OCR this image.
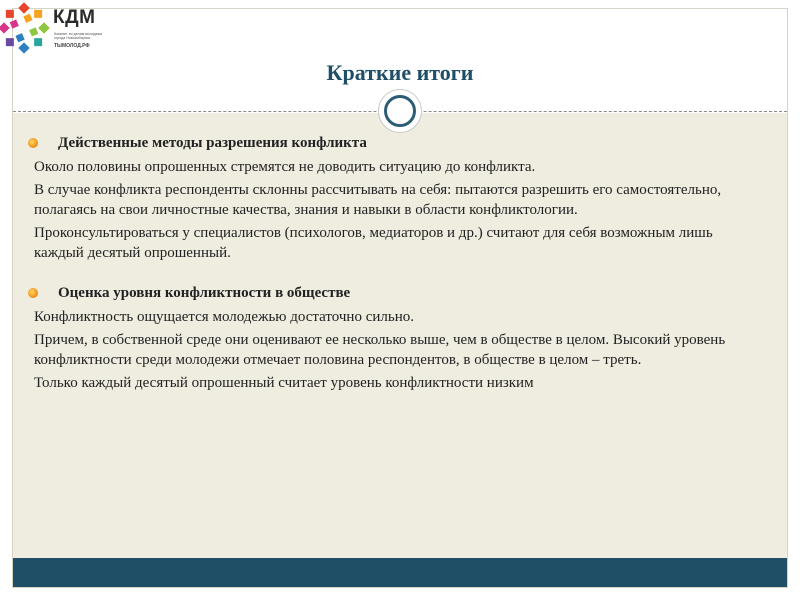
КДМ
Комитет по делам молодежи города Новосибирска
ТЫМОЛОД.РФ
Краткие итоги
Действенные методы разрешения конфликта

Около половины опрошенных стремятся не доводить ситуацию до конфликта.

В случае конфликта респонденты склонны рассчитывать на себя: пытаются разрешить его самостоятельно, полагаясь на свои личностные качества, знания и навыки в области конфликтологии.

Проконсультироваться у специалистов (психологов, медиаторов и др.) считают для себя возможным лишь каждый десятый опрошенный.

Оценка уровня конфликтности в обществе

Конфликтность ощущается молодежью достаточно сильно.

Причем, в собственной среде они оценивают ее несколько выше, чем в обществе в целом. Высокий уровень конфликтности среди молодежи отмечает половина респондентов, в обществе в целом – треть.

Только каждый десятый опрошенный считает уровень конфликтности низким
